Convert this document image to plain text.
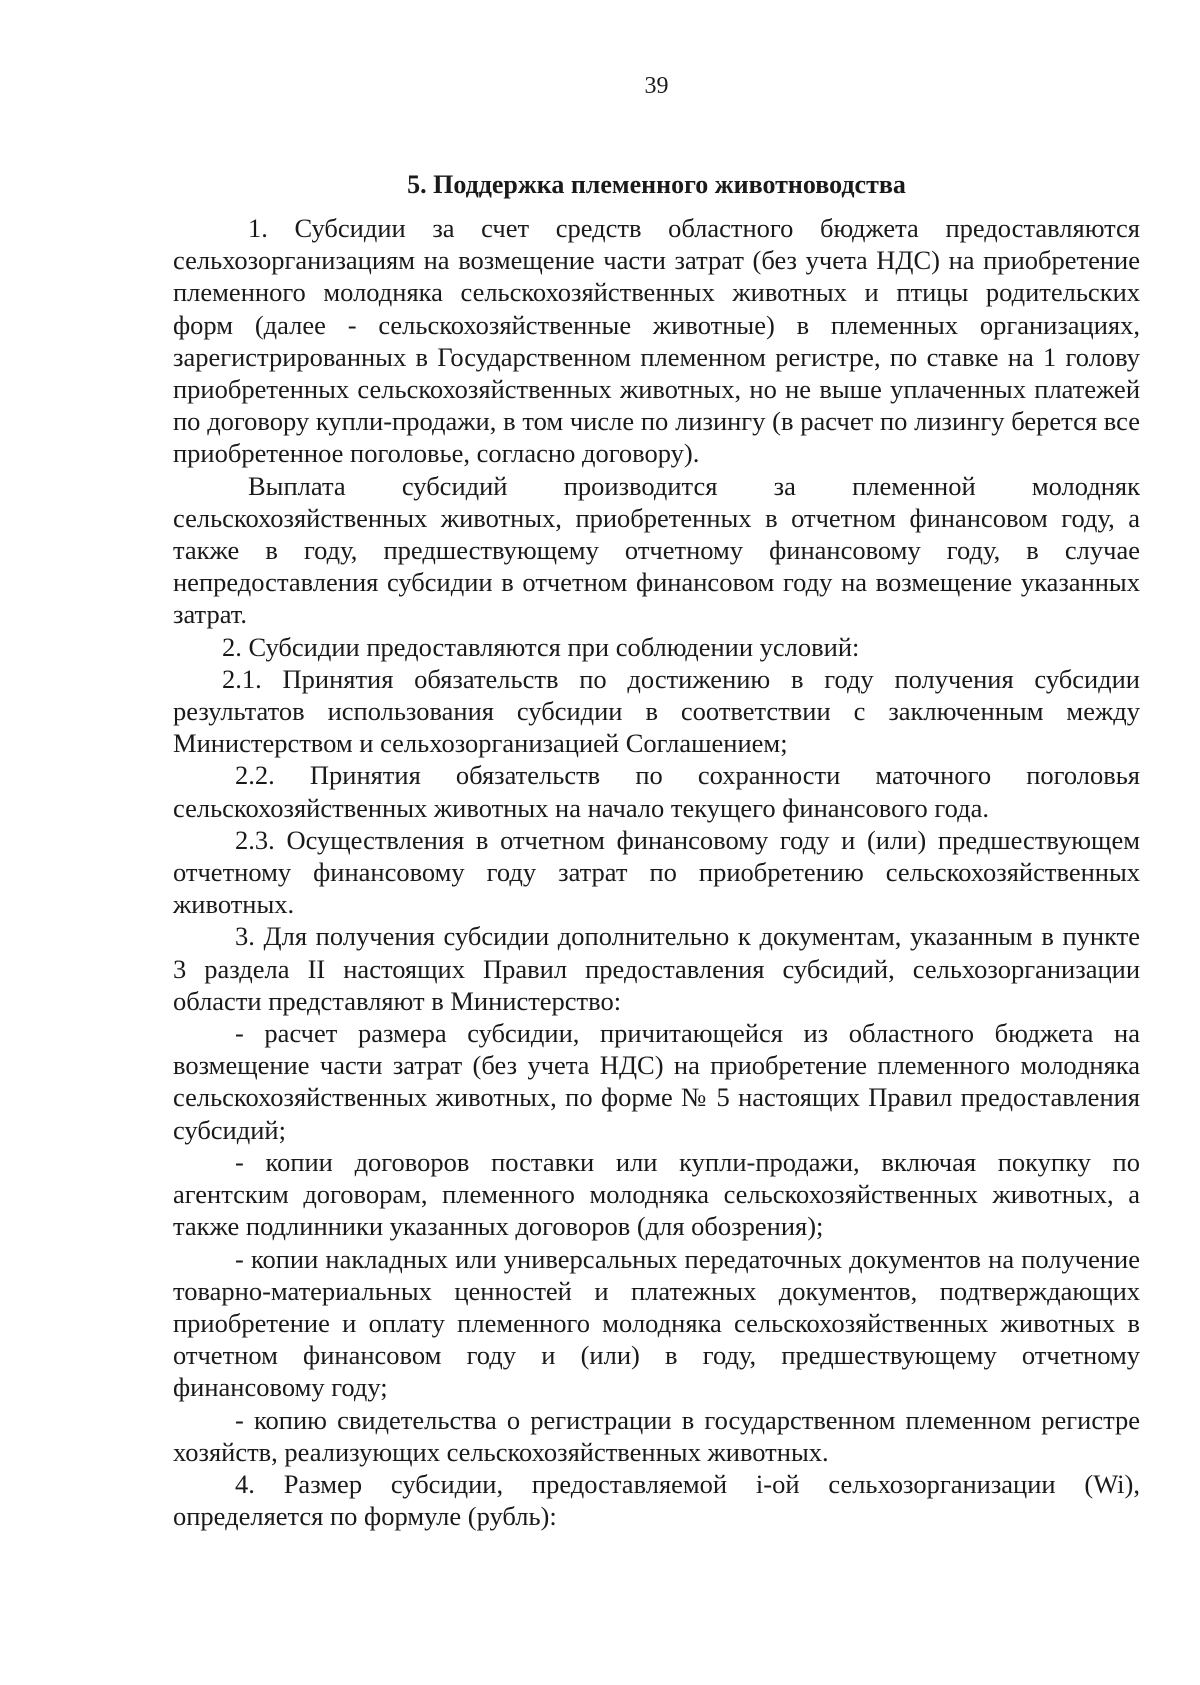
39
5. Поддержка племенного животноводства

1. Субсидии за счет средств областного бюджета предоставляются сельхозорганизациям на возмещение части затрат (без учета НДС) на приобретение племенного молодняка сельскохозяйственных животных и птицы родительских форм (далее - сельскохозяйственные животные) в племенных организациях, зарегистрированных в Государственном племенном регистре, по ставке на 1 голову приобретенных сельскохозяйственных животных, но не выше уплаченных платежей по договору купли-продажи, в том числе по лизингу (в расчет по лизингу берется все приобретенное поголовье, согласно договору).

Выплата субсидий производится за племенной молодняк сельскохозяйственных животных, приобретенных в отчетном финансовом году, а также в году, предшествующему отчетному финансовому году, в случае непредоставления субсидии в отчетном финансовом году на возмещение указанных затрат.

2. Субсидии предоставляются при соблюдении условий:

2.1. Принятия обязательств по достижению в году получения субсидии результатов использования субсидии в соответствии с заключенным между Министерством и сельхозорганизацией Соглашением;

2.2. Принятия обязательств по сохранности маточного поголовья сельскохозяйственных животных на начало текущего финансового года.

2.3. Осуществления в отчетном финансовому году и (или) предшествующем отчетному финансовому году затрат по приобретению сельскохозяйственных животных.

3. Для получения субсидии дополнительно к документам, указанным в пункте 3 раздела II настоящих Правил предоставления субсидий, сельхозорганизации области представляют в Министерство:

- расчет размера субсидии, причитающейся из областного бюджета на возмещение части затрат (без учета НДС) на приобретение племенного молодняка сельскохозяйственных животных, по форме № 5 настоящих Правил предоставления субсидий;

- копии договоров поставки или купли-продажи, включая покупку по агентским договорам, племенного молодняка сельскохозяйственных животных, а также подлинники указанных договоров (для обозрения);

- копии накладных или универсальных передаточных документов на получение товарно-материальных ценностей и платежных документов, подтверждающих приобретение и оплату племенного молодняка сельскохозяйственных животных в отчетном финансовом году и (или) в году, предшествующему отчетному финансовому году;

- копию свидетельства о регистрации в государственном племенном регистре хозяйств, реализующих сельскохозяйственных животных.

4. Размер субсидии, предоставляемой i-ой сельхозорганизации (Wi), определяется по формуле (рубль):
